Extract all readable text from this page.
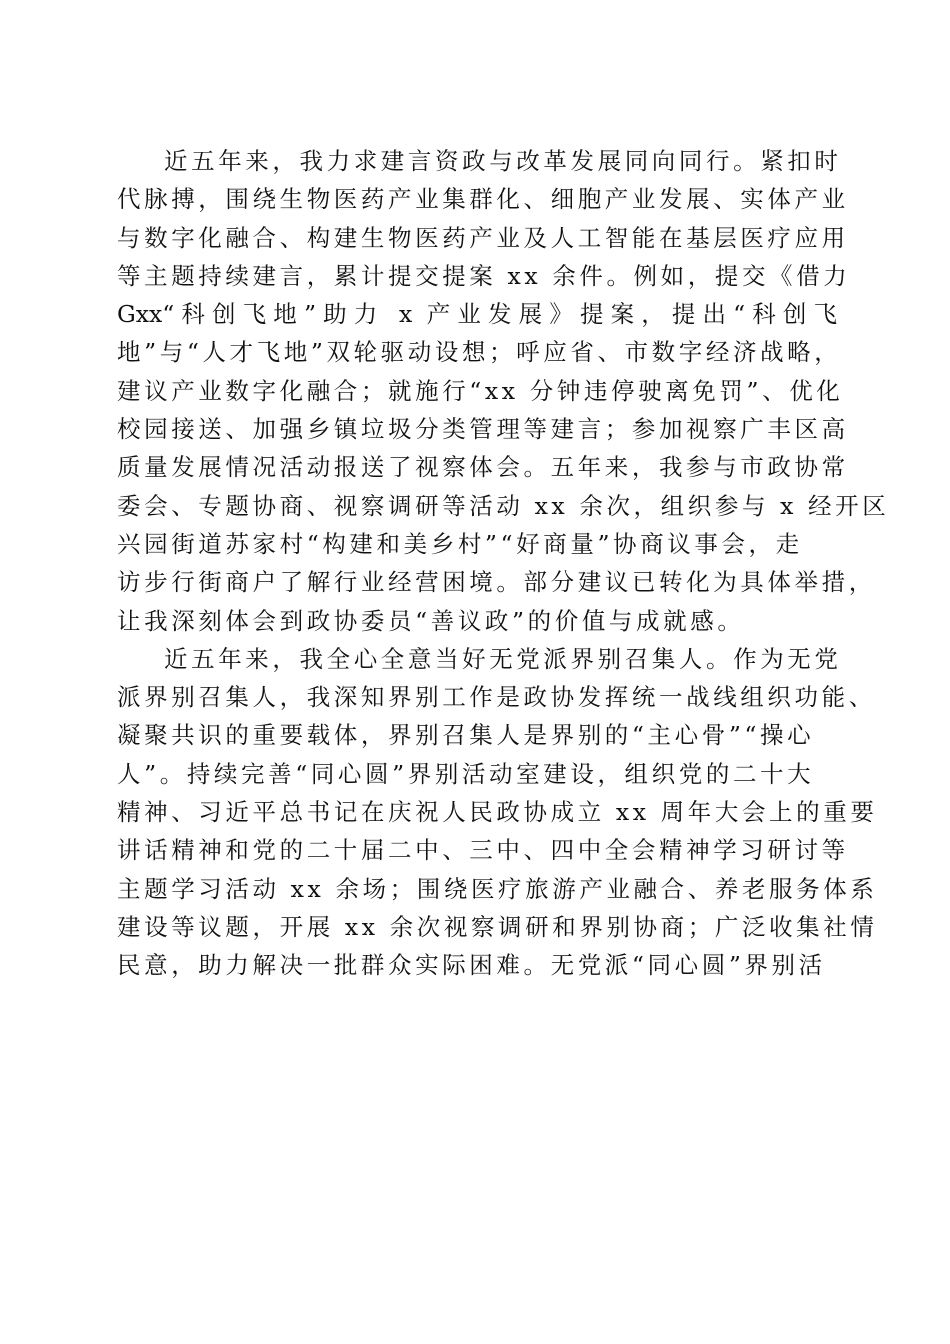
近五年来，我力求建言资政与改革发展同向同行。紧扣时
代脉搏，围绕生物医药产业集群化、细胞产业发展、实体产业
与数字化融合、构建生物医药产业及人工智能在基层医疗应用
等主题持续建言，累计提交提案 xx 余件。例如，提交《借力
Gxx“科创飞地”助力 x 产业发展》提案，提出“科创飞
地”与“人才飞地”双轮驱动设想；呼应省、市数字经济战略，
建议产业数字化融合；就施行“xx 分钟违停驶离免罚”、优化
校园接送、加强乡镇垃圾分类管理等建言；参加视察广丰区高
质量发展情况活动报送了视察体会。五年来，我参与市政协常
委会、专题协商、视察调研等活动 xx 余次，组织参与 x 经开区
兴园街道苏家村“构建和美乡村”“好商量”协商议事会，走
访步行街商户了解行业经营困境。部分建议已转化为具体举措，
让我深刻体会到政协委员“善议政”的价值与成就感。
近五年来，我全心全意当好无党派界别召集人。作为无党
派界别召集人，我深知界别工作是政协发挥统一战线组织功能、
凝聚共识的重要载体，界别召集人是界别的“主心骨”“操心
人”。持续完善“同心圆”界别活动室建设，组织党的二十大
精神、习近平总书记在庆祝人民政协成立 xx 周年大会上的重要
讲话精神和党的二十届二中、三中、四中全会精神学习研讨等
主题学习活动 xx 余场；围绕医疗旅游产业融合、养老服务体系
建设等议题，开展 xx 余次视察调研和界别协商；广泛收集社情
民意，助力解决一批群众实际困难。无党派“同心圆”界别活
